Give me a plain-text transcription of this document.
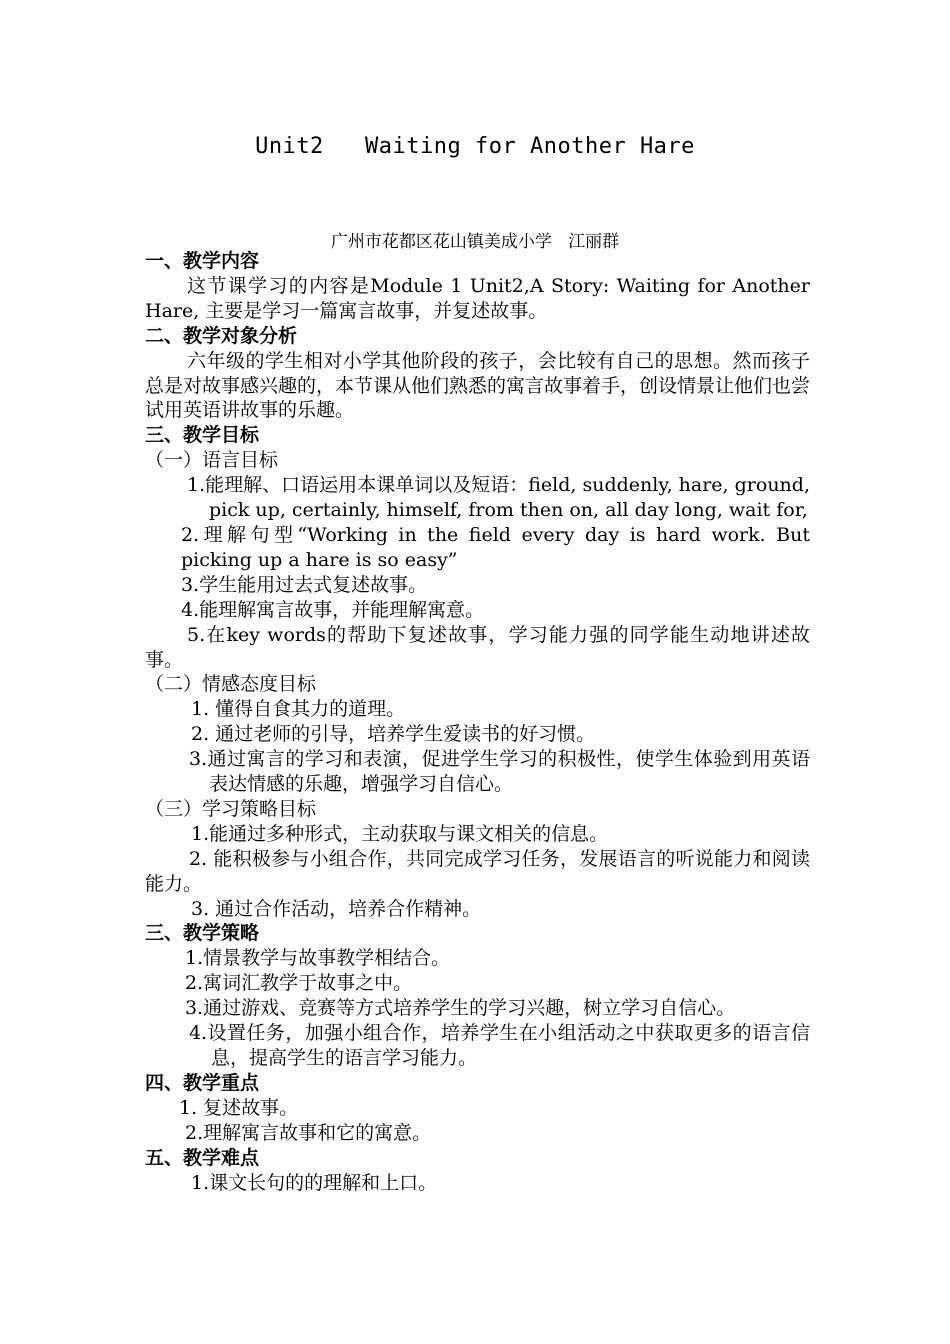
Unit2   Waiting for Another Hare
广州市花都区花山镇美成小学   江丽群

一、教学内容

这节课学习的内容是Module 1 Unit2,A Story: Waiting for Another Hare, 主要是学习一篇寓言故事，并复述故事。

二、教学对象分析

六年级的学生相对小学其他阶段的孩子，会比较有自己的思想。然而孩子总是对故事感兴趣的，本节课从他们熟悉的寓言故事着手，创设情景让他们也尝试用英语讲故事的乐趣。

三、教学目标

（一）语言目标

1.能理解、口语运用本课单词以及短语：field, suddenly, hare, ground, pick up, certainly, himself, from then on, all day long, wait for,

2.理解句型“Working in the field every day is hard work. But picking up a hare is so easy”

3.学生能用过去式复述故事。

4.能理解寓言故事，并能理解寓意。

5.在key words的帮助下复述故事，学习能力强的同学能生动地讲述故事。

（二）情感态度目标

1. 懂得自食其力的道理。

2. 通过老师的引导，培养学生爱读书的好习惯。

3.通过寓言的学习和表演，促进学生学习的积极性，使学生体验到用英语表达情感的乐趣，增强学习自信心。

（三）学习策略目标

1.能通过多种形式，主动获取与课文相关的信息。

2. 能积极参与小组合作，共同完成学习任务，发展语言的听说能力和阅读能力。

3. 通过合作活动，培养合作精神。

三、教学策略

1.情景教学与故事教学相结合。

2.寓词汇教学于故事之中。

3.通过游戏、竞赛等方式培养学生的学习兴趣，树立学习自信心。

4.设置任务，加强小组合作，培养学生在小组活动之中获取更多的语言信息，提高学生的语言学习能力。

四、教学重点

1. 复述故事。

2.理解寓言故事和它的寓意。

五、教学难点

1.课文长句的的理解和上口。
